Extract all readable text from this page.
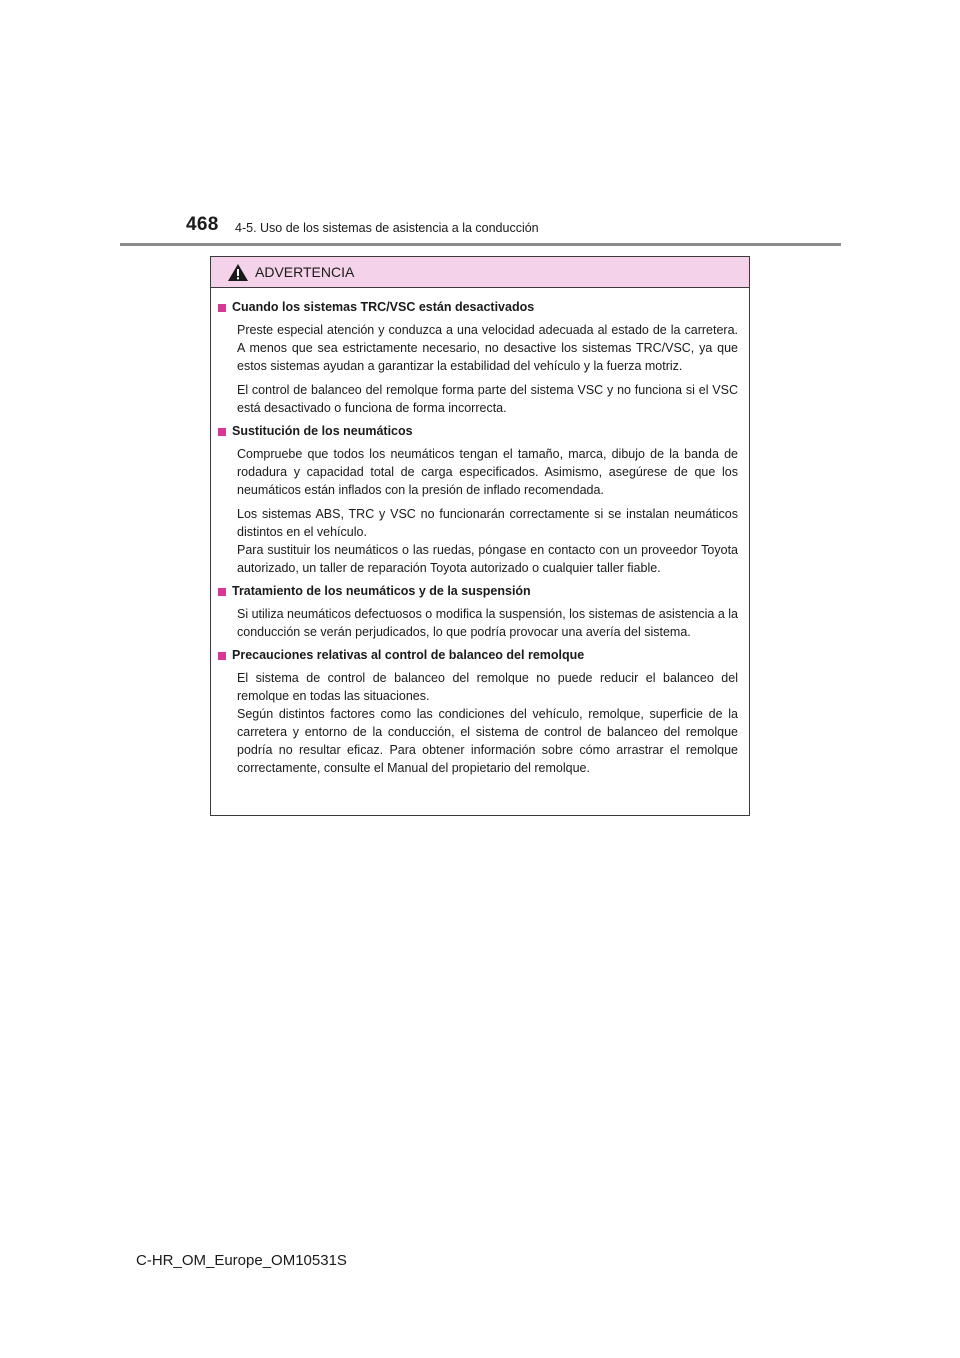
468 4-5. Uso de los sistemas de asistencia a la conducción
ADVERTENCIA
Cuando los sistemas TRC/VSC están desactivados

Preste especial atención y conduzca a una velocidad adecuada al estado de la carretera. A menos que sea estrictamente necesario, no desactive los sistemas TRC/VSC, ya que estos sistemas ayudan a garantizar la estabilidad del vehículo y la fuerza motriz.

El control de balanceo del remolque forma parte del sistema VSC y no funciona si el VSC está desactivado o funciona de forma incorrecta.

Sustitución de los neumáticos

Compruebe que todos los neumáticos tengan el tamaño, marca, dibujo de la banda de rodadura y capacidad total de carga especificados. Asimismo, asegúrese de que los neumáticos están inflados con la presión de inflado recomendada.

Los sistemas ABS, TRC y VSC no funcionarán correctamente si se instalan neumáticos distintos en el vehículo.

Para sustituir los neumáticos o las ruedas, póngase en contacto con un proveedor Toyota autorizado, un taller de reparación Toyota autorizado o cualquier taller fiable.

Tratamiento de los neumáticos y de la suspensión

Si utiliza neumáticos defectuosos o modifica la suspensión, los sistemas de asistencia a la conducción se verán perjudicados, lo que podría provocar una avería del sistema.

Precauciones relativas al control de balanceo del remolque

El sistema de control de balanceo del remolque no puede reducir el balanceo del remolque en todas las situaciones.

Según distintos factores como las condiciones del vehículo, remolque, superficie de la carretera y entorno de la conducción, el sistema de control de balanceo del remolque podría no resultar eficaz. Para obtener información sobre cómo arrastrar el remolque correctamente, consulte el Manual del propietario del remolque.

C-HR_OM_Europe_OM10531S
